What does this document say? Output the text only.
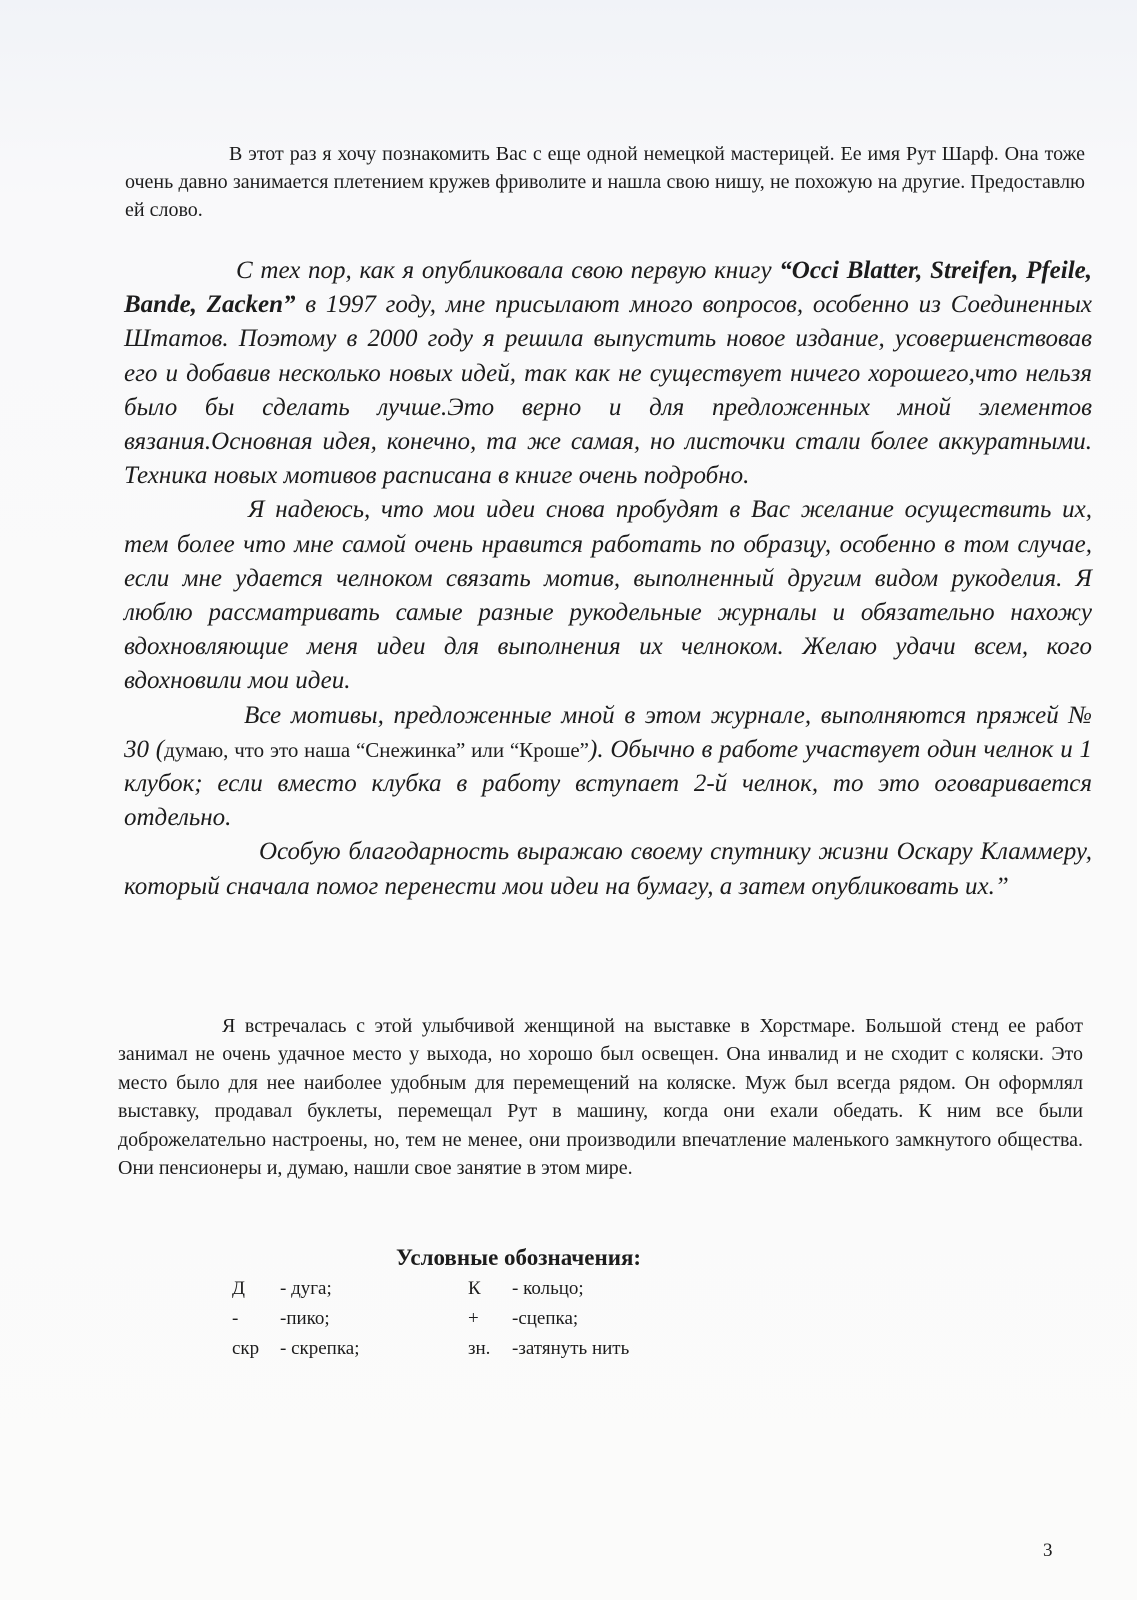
В этот раз я хочу познакомить Вас с еще одной немецкой мастерицей. Ее имя Рут Шарф. Она тоже очень давно занимается плетением кружев фриволите и нашла свою нишу, не похожую на другие. Предоставлю ей слово.

С тех пор, как я опубликовала свою первую книгу “Occi Blatter, Streifen, Pfeile, Bande, Zacken” в 1997 году, мне присылают много вопросов, особенно из Соединенных Штатов. Поэтому в 2000 году я решила выпустить новое издание, усовершенствовав его и добавив несколько новых идей, так как не существует ничего хорошего,что нельзя было бы сделать лучше.Это верно и для предложенных мной элементов вязания.Основная идея, конечно, та же самая, но листочки стали более аккуратными. Техника новых мотивов расписана в книге очень подробно.

Я надеюсь, что мои идеи снова пробудят в Вас желание осуществить их, тем более что мне самой очень нравится работать по образцу, особенно в том случае, если мне удается челноком связать мотив, выполненный другим видом рукоделия. Я люблю рассматривать самые разные рукодельные журналы и обязательно нахожу вдохновляющие меня идеи для выполнения их челноком. Желаю удачи всем, кого вдохновили мои идеи.

Все мотивы, предложенные мной в этом журнале, выполняются пряжей № 30 (думаю, что это наша “Снежинка” или “Кроше”). Обычно в работе участвует один челнок и 1 клубок; если вместо клубка в работу вступает 2-й челнок, то это оговаривается отдельно.

Особую благодарность выражаю своему спутнику жизни Оскару Кламмеру, который сначала помог перенести мои идеи на бумагу, а затем опубликовать их.”

Я встречалась с этой улыбчивой женщиной на выставке в Хорстмаре. Большой стенд ее работ занимал не очень удачное место у выхода, но хорошо был освещен. Она инвалид и не сходит с коляски. Это место было для нее наиболее удобным для перемещений на коляске. Муж был всегда рядом. Он оформлял выставку, продавал буклеты, перемещал Рут в машину, когда они ехали обедать. К ним все были доброжелательно настроены, но, тем не менее, они производили впечатление маленького замкнутого общества. Они пенсионеры и, думаю, нашли свое занятие в этом мире.
Условные обозначения:
Д - дуга;	К - кольцо;
- -пико;	+ -сцепка;
скр - скрепка;	зн. -затянуть нить
3
